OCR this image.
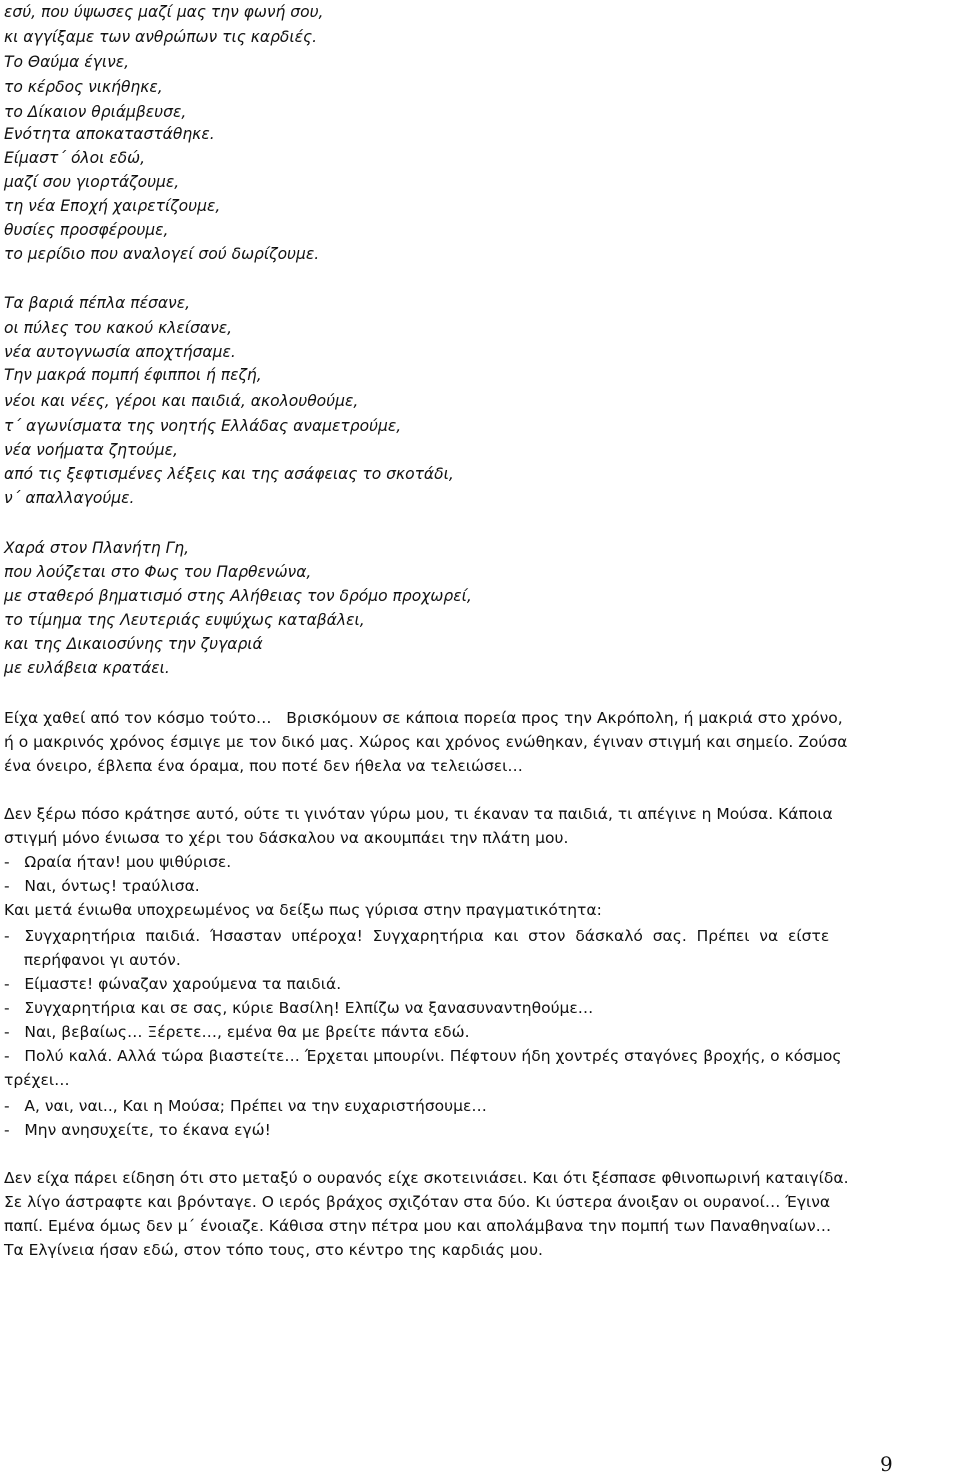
εσύ, που ύψωσες μαζί μας την φωνή σου,
κι αγγίξαμε των ανθρώπων τις καρδιές.
Το Θαύμα έγινε,
το κέρδος νικήθηκε,
το Δίκαιον θριάμβευσε,
Ενότητα αποκαταστάθηκε.
Είμαστ΄ όλοι εδώ,
μαζί σου γιορτάζουμε,
τη νέα Εποχή χαιρετίζουμε,
θυσίες προσφέρουμε,
το μερίδιο που αναλογεί σού δωρίζουμε.
Τα βαριά πέπλα πέσανε,
οι πύλες του κακού κλείσανε,
νέα αυτογνωσία αποχτήσαμε.
Την μακρά πομπή έφιπποι ή πεζή,
νέοι και νέες, γέροι και παιδιά, ακολουθούμε,
τ΄ αγωνίσματα της νοητής Ελλάδας αναμετρούμε,
νέα νοήματα ζητούμε,
από τις ξεφτισμένες λέξεις και της ασάφειας το σκοτάδι,
ν΄ απαλλαγούμε.
Χαρά στον Πλανήτη Γη,
που λούζεται στο Φως του Παρθενώνα,
με σταθερό βηματισμό στης Αλήθειας τον δρόμο προχωρεί,
το τίμημα της Λευτεριάς ευψύχως καταβάλει,
και της Δικαιοσύνης την ζυγαριά
με ευλάβεια κρατάει.
Είχα χαθεί από τον κόσμο τούτο…   Βρισκόμουν σε κάποια πορεία προς την Ακρόπολη, ή μακριά στο χρόνο,
ή ο μακρινός χρόνος έσμιγε με τον δικό μας. Χώρος και χρόνος ενώθηκαν, έγιναν στιγμή και σημείο. Ζούσα
ένα όνειρο, έβλεπα ένα όραμα, που ποτέ δεν ήθελα να τελειώσει…
Δεν ξέρω πόσο κράτησε αυτό, ούτε τι γινόταν γύρω μου, τι έκαναν τα παιδιά, τι απέγινε η Μούσα. Κάποια
στιγμή μόνο ένιωσα το χέρι του δάσκαλου να ακουμπάει την πλάτη μου.
-   Ωραία ήταν! μου ψιθύρισε.
-   Ναι, όντως! τραύλισα.
Και μετά ένιωθα υποχρεωμένος να δείξω πως γύρισα στην πραγματικότητα:
-   Συγχαρητήρια  παιδιά.  Ήσασταν  υπέροχα!  Συγχαρητήρια  και  στον  δάσκαλό  σας.  Πρέπει  να  είστε
περήφανοι γι αυτόν.
-   Είμαστε! φώναζαν χαρούμενα τα παιδιά.
-   Συγχαρητήρια και σε σας, κύριε Βασίλη! Ελπίζω να ξανασυναντηθούμε…
-   Ναι, βεβαίως… Ξέρετε…, εμένα θα με βρείτε πάντα εδώ.
-   Πολύ καλά. Αλλά τώρα βιαστείτε… Έρχεται μπουρίνι. Πέφτουν ήδη χοντρές σταγόνες βροχής, ο κόσμος
τρέχει…
-   Α, ναι, ναι.., Και η Μούσα; Πρέπει να την ευχαριστήσουμε…
-   Μην ανησυχείτε, το έκανα εγώ!
Δεν είχα πάρει είδηση ότι στο μεταξύ ο ουρανός είχε σκοτεινιάσει. Και ότι ξέσπασε φθινοπωρινή καταιγίδα.
Σε λίγο άστραφτε και βρόνταγε. Ο ιερός βράχος σχιζόταν στα δύο. Κι ύστερα άνοιξαν οι ουρανοί… Έγινα
παπί. Εμένα όμως δεν μ΄ ένοιαζε. Κάθισα στην πέτρα μου και απολάμβανα την πομπή των Παναθηναίων…
Τα Ελγίνεια ήσαν εδώ, στον τόπο τους, στο κέντρο της καρδιάς μου.
9
